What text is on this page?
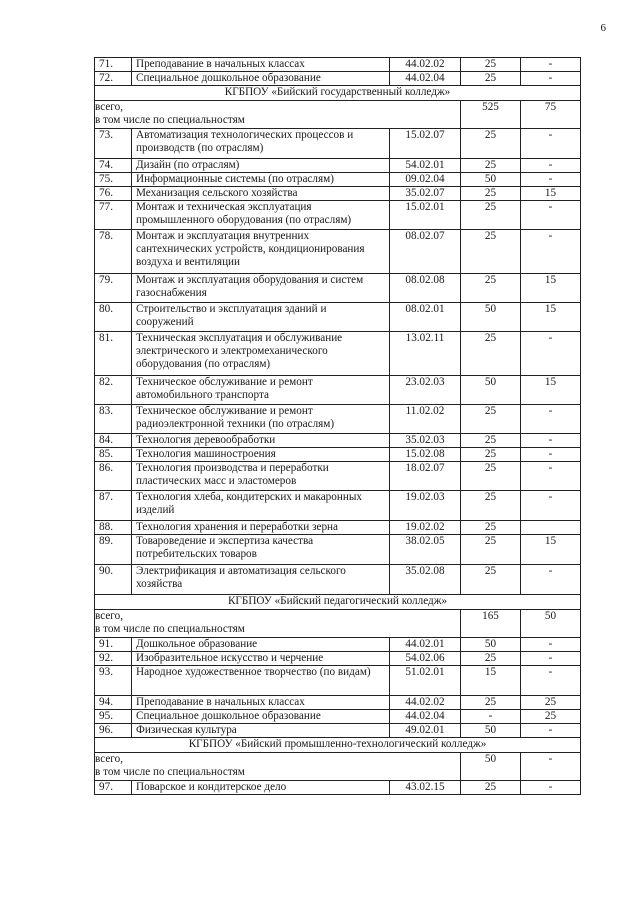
6
71.	Преподавание в начальных классах	44.02.02	25	-
72.	Специальное дошкольное образование	44.02.04	25	-
КГБПОУ «Бийский государственный колледж»				

всего,
в том числе по специальностям			525	75
73.	Автоматизация технологических процессов и производств (по отраслям)	15.02.07	25	-
74.	Дизайн (по отраслям)	54.02.01	25	-
75.	Информационные системы (по отраслям)	09.02.04	50	-
76.	Механизация сельского хозяйства	35.02.07	25	15
77.	Монтаж и техническая эксплуатация промышленного оборудования (по отраслям)	15.02.01	25	-
78.	Монтаж и эксплуатация внутренних сантехнических устройств, кондиционирования воздуха и вентиляции	08.02.07	25	-
79.	Монтаж и эксплуатация оборудования и систем газоснабжения	08.02.08	25	15
80.	Строительство и эксплуатация зданий и сооружений	08.02.01	50	15
81.	Техническая эксплуатация и обслуживание электрического и электромеханического оборудования (по отраслям)	13.02.11	25	-
82.	Техническое обслуживание и ремонт автомобильного транспорта	23.02.03	50	15
83.	Техническое обслуживание и ремонт радиоэлектронной техники (по отраслям)	11.02.02	25	-
84.	Технология деревообработки	35.02.03	25	-
85.	Технология машиностроения	15.02.08	25	-
86.	Технология производства и переработки пластических масс и эластомеров	18.02.07	25	-
87.	Технология хлеба, кондитерских и макаронных изделий	19.02.03	25	-
88.	Технология хранения и переработки зерна	19.02.02	25	
89.	Товароведение и экспертиза качества потребительских товаров	38.02.05	25	15
90.	Электрификация и автоматизация сельского хозяйства	35.02.08	25	-
КГБПОУ «Бийский педагогический колледж»				

всего,
в том числе по специальностям			165	50
91.	Дошкольное образование	44.02.01	50	-
92.	Изобразительное искусство и черчение	54.02.06	25	-
93.	Народное художественное творчество (по видам)	51.02.01	15	-
94.	Преподавание в начальных классах	44.02.02	25	25
95.	Специальное дошкольное образование	44.02.04	-	25
96.	Физическая культура	49.02.01	50	-
КГБПОУ «Бийский промышленно-технологический колледж»				

всего,
в том числе по специальностям			50	-
97.	Поварское и кондитерское дело	43.02.15	25	-
